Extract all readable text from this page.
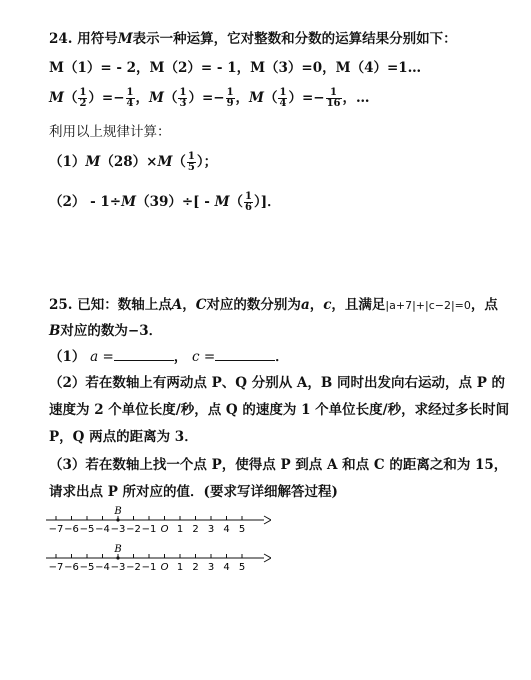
24. 用符号M表示一种运算，它对整数和分数的运算结果分别如下：
M（1）= - 2，M（2）= - 1，M（3）=0，M（4）=1…
$M( \frac{1}{2}$ ）=− $\frac{1}{4}$ ，$M( \frac{1}{3}$ ）=− $\frac{1}{9}$ ，$M( \frac{1}{4}$ ）=− $\frac{1}{16}$ ，…
利用以上规律计算：
$(1)M(28)\times M( \frac{1}{5}$ ）；
$(2) - 1\div M(39)\div[ - M( \frac{1}{6}$ ）]．
25. 已知：数轴上点A，C对应的数分别为a，c，且满足|a+7|+|c−2|=0，点
B对应的数为−3．
（1） a =	， c =	．
（2）若在数轴上有两动点 P、Q 分别从 A，B 同时出发向右运动，点 P 的
速度为 2 个单位长度/秒，点 Q 的速度为 1 个单位长度/秒，求经过多长时间
P，Q 两点的距离为 3．
（3）若在数轴上找一个点 P，使得点 P 到点 A 和点 C 的距离之和为 15，
请求出点 P 所对应的值．(要求写详细解答过程)
−7 −6 −5 −4 −3 −2 −1 O 1 2 3 4 5
B
−7 −6 −5 −4 −3 −2 −1 O 1 2 3 4 5
B
